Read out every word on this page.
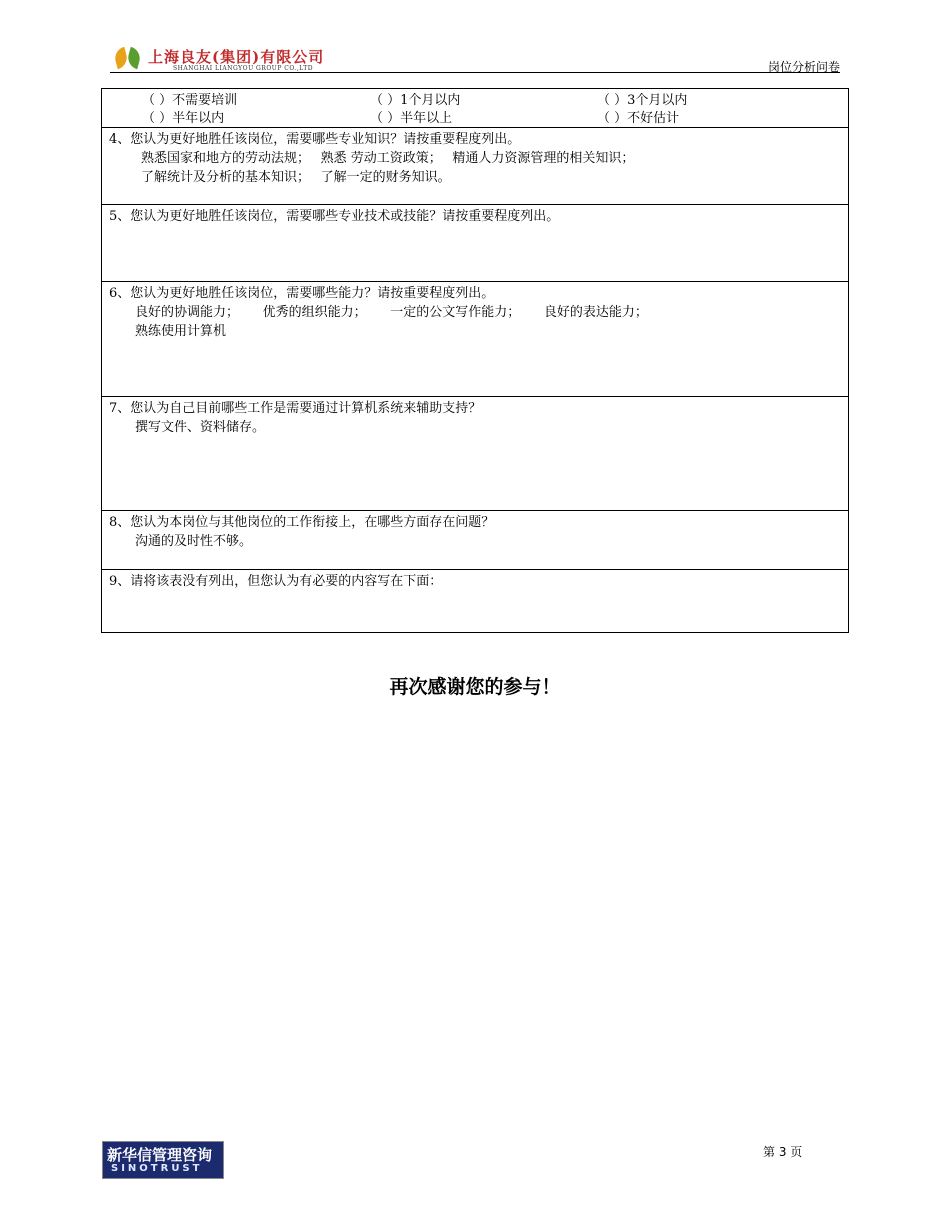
上海良友(集团)有限公司
SHANGHAI LIANGYOU GROUP CO.,LTD	岗位分析问卷
（ ）不需要培训	（ ）1个月以内	（ ）3个月以内
（ ）半年以内	（ ）半年以上	（ ）不好估计
4、您认为更好地胜任该岗位，需要哪些专业知识？请按重要程度列出。
熟悉国家和地方的劳动法规；　 熟悉 劳动工资政策；　 精通人力资源管理的相关知识；
了解统计及分析的基本知识；　 了解一定的财务知识。
5、您认为更好地胜任该岗位，需要哪些专业技术或技能？请按重要程度列出。
6、您认为更好地胜任该岗位，需要哪些能力？请按重要程度列出。
良好的协调能力；　　 优秀的组织能力；　　 一定的公文写作能力；　　 良好的表达能力；
熟练使用计算机
7、您认为自己目前哪些工作是需要通过计算机系统来辅助支持？
撰写文件、资料储存。
8、您认为本岗位与其他岗位的工作衔接上，在哪些方面存在问题？
沟通的及时性不够。
9、请将该表没有列出，但您认为有必要的内容写在下面：
再次感谢您的参与！
新华信管理咨询
SINOTRUST
第 3 页
